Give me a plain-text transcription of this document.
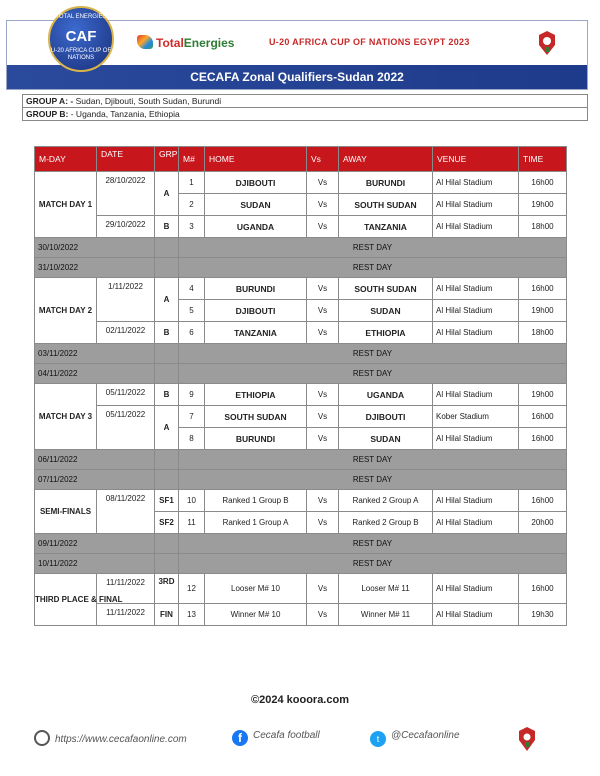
TotalEnergies	U-20 AFRICA CUP OF NATIONS EGYPT 2023
CECAFA Zonal Qualifiers-Sudan 2022
TOTAL ENERGIES
CAF
U-20 AFRICA CUP OF NATIONS
GROUP A: - Sudan, Djibouti, South Sudan, Burundi
GROUP B: - Uganda, Tanzania, Ethiopia
M-DAY	DATE	GRP	M#	HOME	Vs	AWAY	VENUE	TIME
MATCH DAY 1	28/10/2022	A	1	DJIBOUTI	Vs	BURUNDI	Al Hilal Stadium	16h00
			2	SUDAN	Vs	SOUTH SUDAN	Al Hilal Stadium	19h00
	29/10/2022	B	3	UGANDA	Vs	TANZANIA	Al Hilal Stadium	18h00
30/10/2022			REST DAY					
31/10/2022			REST DAY					
MATCH DAY 2	1/11/2022	A	4	BURUNDI	Vs	SOUTH SUDAN	Al Hilal Stadium	16h00
			5	DJIBOUTI	Vs	SUDAN	Al Hilal Stadium	19h00
	02/11/2022	B	6	TANZANIA	Vs	ETHIOPIA	Al Hilal Stadium	18h00
03/11/2022			REST DAY					
04/11/2022			REST DAY					
MATCH DAY 3	05/11/2022	B	9	ETHIOPIA	Vs	UGANDA	Al Hilal Stadium	19h00
	05/11/2022	A	7	SOUTH SUDAN	Vs	DJIBOUTI	Kober Stadium	16h00
			8	BURUNDI	Vs	SUDAN	Al Hilal Stadium	16h00
06/11/2022			REST DAY					
07/11/2022			REST DAY					
SEMI-FINALS	08/11/2022	SF1	10	Ranked 1 Group B	Vs	Ranked 2 Group A	Al Hilal Stadium	16h00
		SF2	11	Ranked 1 Group A	Vs	Ranked 2 Group B	Al Hilal Stadium	20h00
09/11/2022			REST DAY					
10/11/2022			REST DAY					
THIRD PLACE & FINAL	11/11/2022	3RD	12	Looser M# 10	Vs	Looser M# 11	Al Hilal Stadium	16h00
	11/11/2022	FIN	13	Winner M# 10	Vs	Winner M# 11	Al Hilal Stadium	19h30
©2024 kooora.com
https://www.cecafaonline.com	f Cecafa football	t @Cecafaonline
